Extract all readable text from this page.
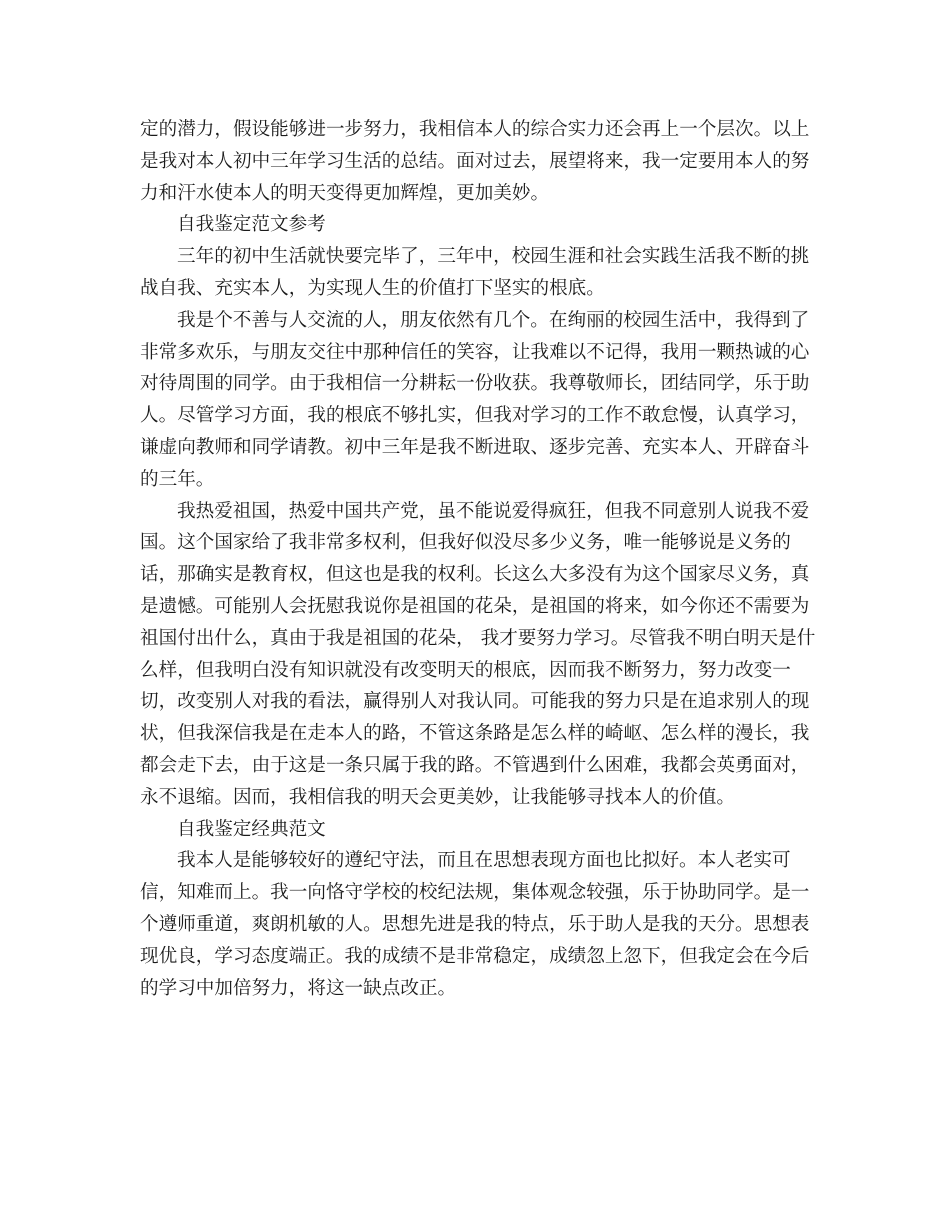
定的潜力，假设能够进一步努力，我相信本人的综合实力还会再上一个层次。以上是我对本人初中三年学习生活的总结。面对过去，展望将来，我一定要用本人的努力和汗水使本人的明天变得更加辉煌，更加美妙。

自我鉴定范文参考

三年的初中生活就快要完毕了，三年中，校园生涯和社会实践生活我不断的挑战自我、充实本人，为实现人生的价值打下坚实的根底。

我是个不善与人交流的人，朋友依然有几个。在绚丽的校园生活中，我得到了非常多欢乐，与朋友交往中那种信任的笑容，让我难以不记得，我用一颗热诚的心对待周围的同学。由于我相信一分耕耘一份收获。我尊敬师长，团结同学，乐于助人。尽管学习方面，我的根底不够扎实，但我对学习的工作不敢怠慢，认真学习，谦虚向教师和同学请教。初中三年是我不断进取、逐步完善、充实本人、开辟奋斗的三年。

我热爱祖国，热爱中国共产党，虽不能说爱得疯狂，但我不同意别人说我不爱国。这个国家给了我非常多权利，但我好似没尽多少义务，唯一能够说是义务的话，那确实是教育权，但这也是我的权利。长这么大多没有为这个国家尽义务，真是遗憾。可能别人会抚慰我说你是祖国的花朵，是祖国的将来，如今你还不需要为祖国付出什么，真由于我是祖国的花朵， 我才要努力学习。尽管我不明白明天是什么样，但我明白没有知识就没有改变明天的根底，因而我不断努力，努力改变一切，改变别人对我的看法，赢得别人对我认同。可能我的努力只是在追求别人的现状，但我深信我是在走本人的路，不管这条路是怎么样的崎岖、怎么样的漫长，我都会走下去，由于这是一条只属于我的路。不管遇到什么困难，我都会英勇面对，永不退缩。因而，我相信我的明天会更美妙，让我能够寻找本人的价值。

自我鉴定经典范文

我本人是能够较好的遵纪守法，而且在思想表现方面也比拟好。本人老实可信，知难而上。我一向恪守学校的校纪法规，集体观念较强，乐于协助同学。是一个遵师重道，爽朗机敏的人。思想先进是我的特点，乐于助人是我的天分。思想表现优良，学习态度端正。我的成绩不是非常稳定，成绩忽上忽下，但我定会在今后的学习中加倍努力，将这一缺点改正。
